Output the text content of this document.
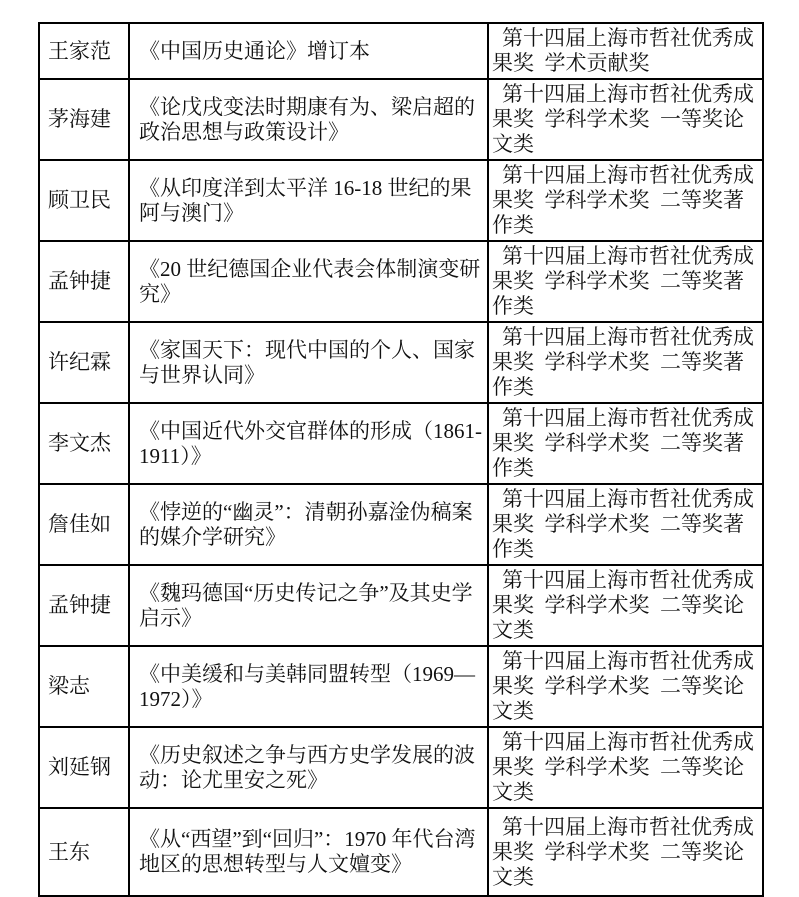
王家范	《中国历史通论》增订本	第十四届上海市哲社优秀成果奖 学术贡献奖
茅海建	《论戊戌变法时期康有为、梁启超的政治思想与政策设计》	第十四届上海市哲社优秀成果奖 学科学术奖 一等奖论文类
顾卫民	《从印度洋到太平洋 16-18 世纪的果阿与澳门》	第十四届上海市哲社优秀成果奖 学科学术奖 二等奖著作类
孟钟捷	《20 世纪德国企业代表会体制演变研究》	第十四届上海市哲社优秀成果奖 学科学术奖 二等奖著作类
许纪霖	《家国天下：现代中国的个人、国家与世界认同》	第十四届上海市哲社优秀成果奖 学科学术奖 二等奖著作类
李文杰	《中国近代外交官群体的形成（1861-1911）》	第十四届上海市哲社优秀成果奖 学科学术奖 二等奖著作类
詹佳如	《悖逆的“幽灵”：清朝孙嘉淦伪稿案的媒介学研究》	第十四届上海市哲社优秀成果奖 学科学术奖 二等奖著作类
孟钟捷	《魏玛德国“历史传记之争”及其史学启示》	第十四届上海市哲社优秀成果奖 学科学术奖 二等奖论文类
梁志	《中美缓和与美韩同盟转型（1969—1972）》	第十四届上海市哲社优秀成果奖 学科学术奖 二等奖论文类
刘延钢	《历史叙述之争与西方史学发展的波动：论尤里安之死》	第十四届上海市哲社优秀成果奖 学科学术奖 二等奖论文类
王东	《从“西望”到“回归”：1970 年代台湾地区的思想转型与人文嬗变》	第十四届上海市哲社优秀成果奖 学科学术奖 二等奖论文类
